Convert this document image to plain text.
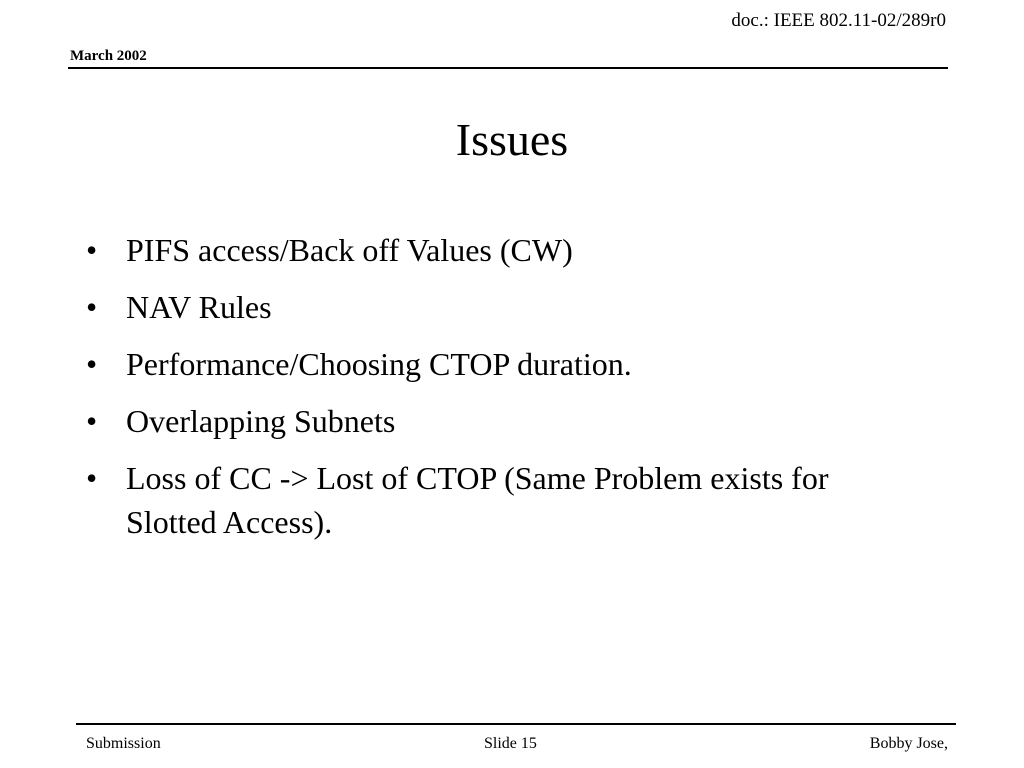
doc.: IEEE 802.11-02/289r0
March 2002
Issues
• PIFS access/Back off Values (CW)
• NAV Rules
• Performance/Choosing CTOP duration.
• Overlapping Subnets
• Loss of CC -> Lost of CTOP (Same Problem exists for Slotted Access).
Submission	Slide 15	Bobby Jose,
